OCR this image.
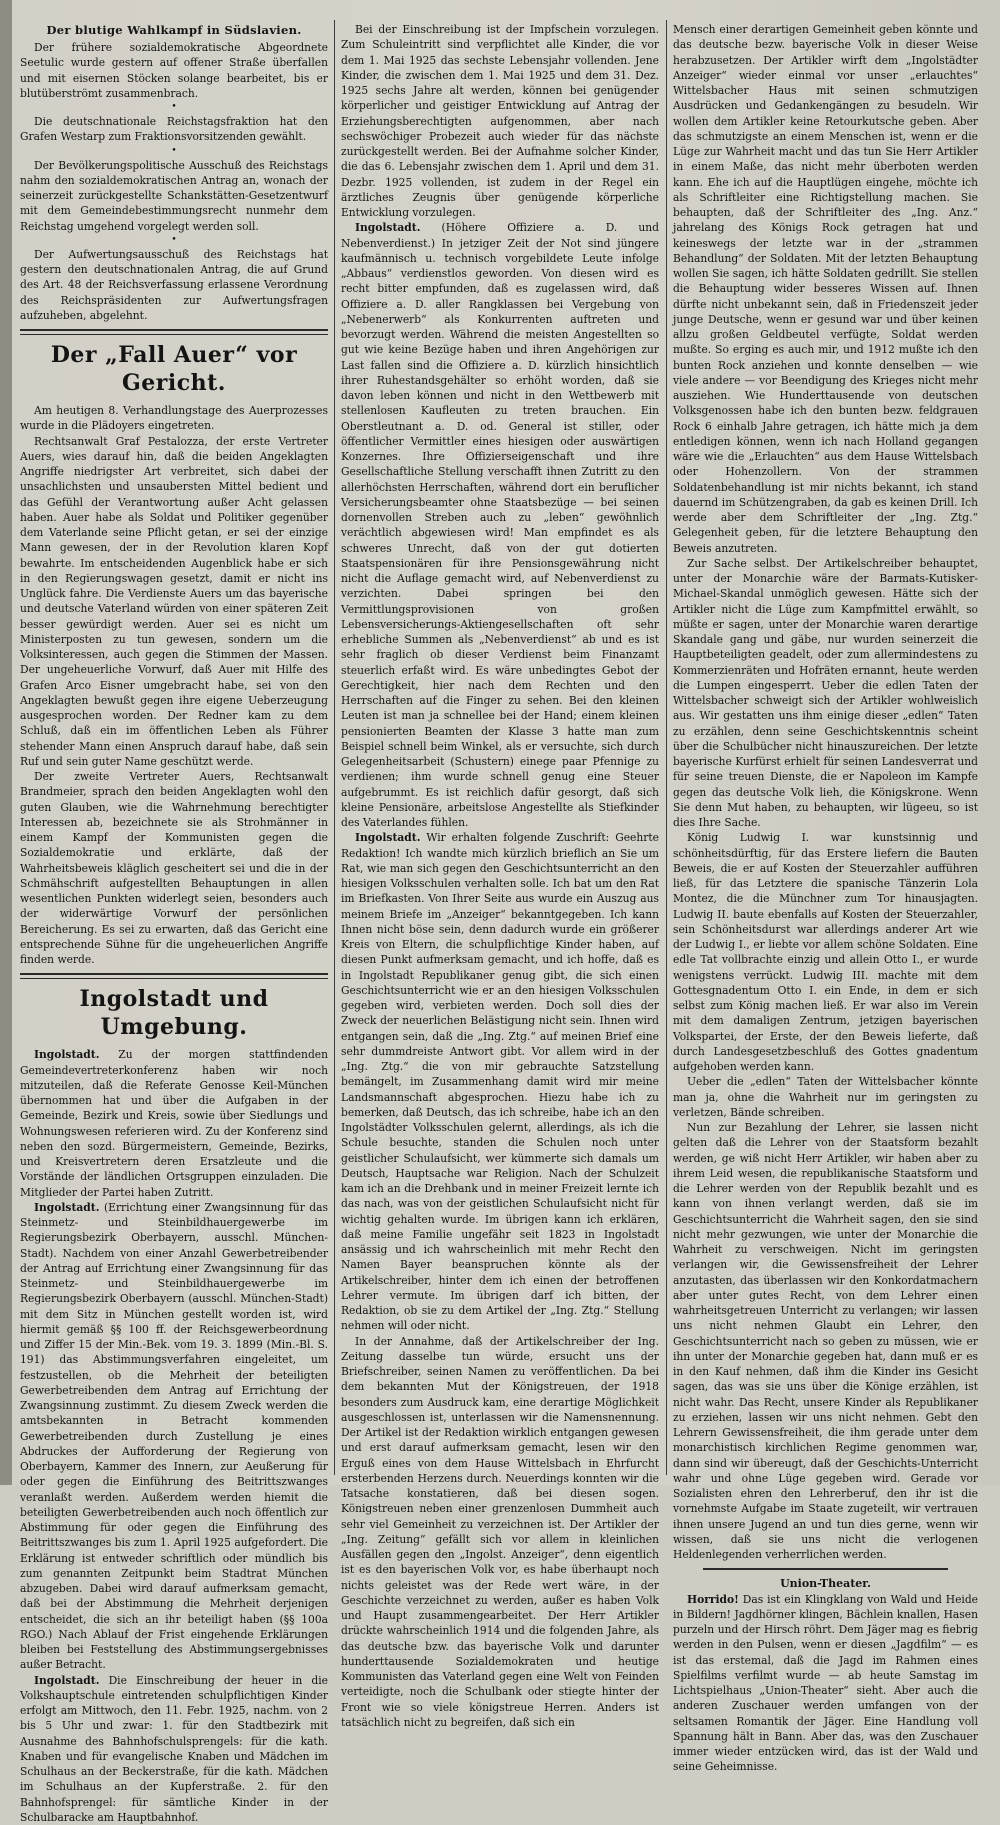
Der blutige Wahlkampf in Südslavien.

Der frühere sozialdemokratische Abgeordnete Seetulic wurde gestern auf offener Straße überfallen und mit eisernen Stöcken solange bearbeitet, bis er blutüberströmt zusammenbrach.

•

Die deutschnationale Reichstagsfraktion hat den Grafen Westarp zum Fraktionsvorsitzenden gewählt.

•

Der Bevölkerungspolitische Ausschuß des Reichstags nahm den sozialdemokratischen Antrag an, wonach der seinerzeit zurückgestellte Schankstätten-Gesetzentwurf mit dem Gemeindebestimmungsrecht nunmehr dem Reichstag umgehend vorgelegt werden soll.

•

Der Aufwertungsausschuß des Reichstags hat gestern den deutschnationalen Antrag, die auf Grund des Art. 48 der Reichsverfassung erlassene Verordnung des Reichspräsidenten zur Aufwertungsfragen aufzuheben, abgelehnt.

Der „Fall Auer“ vor Gericht.

Am heutigen 8. Verhandlungstage des Auerprozesses wurde in die Plädoyers eingetreten.

Rechtsanwalt Graf Pestalozza, der erste Vertreter Auers, wies darauf hin, daß die beiden Angeklagten Angriffe niedrigster Art verbreitet, sich dabei der unsachlichsten und unsaubersten Mittel bedient und das Gefühl der Verantwortung außer Acht gelassen haben. Auer habe als Soldat und Politiker gegenüber dem Vaterlande seine Pflicht getan, er sei der einzige Mann gewesen, der in der Revolution klaren Kopf bewahrte. Im entscheidenden Augenblick habe er sich in den Regierungswagen gesetzt, damit er nicht ins Unglück fahre. Die Verdienste Auers um das bayerische und deutsche Vaterland würden von einer späteren Zeit besser gewürdigt werden. Auer sei es nicht um Ministerposten zu tun gewesen, sondern um die Volksinteressen, auch gegen die Stimmen der Massen. Der ungeheuerliche Vorwurf, daß Auer mit Hilfe des Grafen Arco Eisner umgebracht habe, sei von den Angeklagten bewußt gegen ihre eigene Ueberzeugung ausgesprochen worden. Der Redner kam zu dem Schluß, daß ein im öffentlichen Leben als Führer stehender Mann einen Anspruch darauf habe, daß sein Ruf und sein guter Name geschützt werde.

Der zweite Vertreter Auers, Rechtsanwalt Brandmeier, sprach den beiden Angeklagten wohl den guten Glauben, wie die Wahrnehmung berechtigter Interessen ab, bezeichnete sie als Strohmänner in einem Kampf der Kommunisten gegen die Sozialdemokratie und erklärte, daß der Wahrheitsbeweis kläglich gescheitert sei und die in der Schmähschrift aufgestellten Behauptungen in allen wesentlichen Punkten widerlegt seien, besonders auch der widerwärtige Vorwurf der persönlichen Bereicherung. Es sei zu erwarten, daß das Gericht eine entsprechende Sühne für die ungeheuerlichen Angriffe finden werde.

Ingolstadt und Umgebung.

Ingolstadt. Zu der morgen stattfindenden Gemeindevertreterkonferenz haben wir noch mitzuteilen, daß die Referate Genosse Keil-München übernommen hat und über die Aufgaben in der Gemeinde, Bezirk und Kreis, sowie über Siedlungs und Wohnungswesen referieren wird. Zu der Konferenz sind neben den sozd. Bürgermeistern, Gemeinde, Bezirks, und Kreisvertretern deren Ersatzleute und die Vorstände der ländlichen Ortsgruppen einzuladen. Die Mitglieder der Partei haben Zutritt.

Ingolstadt. (Errichtung einer Zwangsinnung für das Steinmetz- und Steinbildhauergewerbe im Regierungsbezirk Oberbayern, ausschl. München-Stadt). Nachdem von einer Anzahl Gewerbetreibender der Antrag auf Errichtung einer Zwangsinnung für das Steinmetz- und Steinbildhauergewerbe im Regierungsbezirk Oberbayern (ausschl. München-Stadt) mit dem Sitz in München gestellt worden ist, wird hiermit gemäß §§ 100 ff. der Reichsgewerbeordnung und Ziffer 15 der Min.-Bek. vom 19. 3. 1899 (Min.-Bl. S. 191) das Abstimmungsverfahren eingeleitet, um festzustellen, ob die Mehrheit der beteiligten Gewerbetreibenden dem Antrag auf Errichtung der Zwangsinnung zustimmt. Zu diesem Zweck werden die amtsbekannten in Betracht kommenden Gewerbetreibenden durch Zustellung je eines Abdruckes der Aufforderung der Regierung von Oberbayern, Kammer des Innern, zur Aeußerung für oder gegen die Einführung des Beitrittszwanges veranlaßt werden. Außerdem werden hiemit die beteiligten Gewerbetreibenden auch noch öffentlich zur Abstimmung für oder gegen die Einführung des Beitrittszwanges bis zum 1. April 1925 aufgefordert. Die Erklärung ist entweder schriftlich oder mündlich bis zum genannten Zeitpunkt beim Stadtrat München abzugeben. Dabei wird darauf aufmerksam gemacht, daß bei der Abstimmung die Mehrheit derjenigen entscheidet, die sich an ihr beteiligt haben (§§ 100a RGO.) Nach Ablauf der Frist eingehende Erklärungen bleiben bei Feststellung des Abstimmungsergebnisses außer Betracht.

Ingolstadt. Die Einschreibung der heuer in die Volkshauptschule eintretenden schulpflichtigen Kinder erfolgt am Mittwoch, den 11. Febr. 1925, nachm. von 2 bis 5 Uhr und zwar: 1. für den Stadtbezirk mit Ausnahme des Bahnhofschulsprengels: für die kath. Knaben und für evangelische Knaben und Mädchen im Schulhaus an der Beckerstraße, für die kath. Mädchen im Schulhaus an der Kupferstraße. 2. für den Bahnhofsprengel: für sämtliche Kinder in der Schulbaracke am Hauptbahnhof.

Bei der Einschreibung ist der Impfschein vorzulegen. Zum Schuleintritt sind verpflichtet alle Kinder, die vor dem 1. Mai 1925 das sechste Lebensjahr vollenden. Jene Kinder, die zwischen dem 1. Mai 1925 und dem 31. Dez. 1925 sechs Jahre alt werden, können bei genügender körperlicher und geistiger Entwicklung auf Antrag der Erziehungsberechtigten aufgenommen, aber nach sechswöchiger Probezeit auch wieder für das nächste zurückgestellt werden. Bei der Aufnahme solcher Kinder, die das 6. Lebensjahr zwischen dem 1. April und dem 31. Dezbr. 1925 vollenden, ist zudem in der Regel ein ärztliches Zeugnis über genügende körperliche Entwicklung vorzulegen.

Ingolstadt. (Höhere Offiziere a. D. und Nebenverdienst.) In jetziger Zeit der Not sind jüngere kaufmännisch u. technisch vorgebildete Leute infolge „Abbaus“ verdienstlos geworden. Von diesen wird es recht bitter empfunden, daß es zugelassen wird, daß Offiziere a. D. aller Rangklassen bei Vergebung von „Nebenerwerb“ als Konkurrenten auftreten und bevorzugt werden. Während die meisten Angestellten so gut wie keine Bezüge haben und ihren Angehörigen zur Last fallen sind die Offiziere a. D. kürzlich hinsichtlich ihrer Ruhestandsgehälter so erhöht worden, daß sie davon leben können und nicht in den Wettbewerb mit stellenlosen Kaufleuten zu treten brauchen. Ein Oberstleutnant a. D. od. General ist stiller, oder öffentlicher Vermittler eines hiesigen oder auswärtigen Konzernes. Ihre Offizierseigenschaft und ihre Gesellschaftliche Stellung verschafft ihnen Zutritt zu den allerhöchsten Herrschaften, während dort ein beruflicher Versicherungsbeamter ohne Staatsbezüge — bei seinen dornenvollen Streben auch zu „leben“ gewöhnlich verächtlich abgewiesen wird! Man empfindet es als schweres Unrecht, daß von der gut dotierten Staatspensionären für ihre Pensionsgewährung nicht nicht die Auflage gemacht wird, auf Nebenverdienst zu verzichten. Dabei springen bei den Vermittlungsprovisionen von großen Lebensversicherungs-Aktiengesellschaften oft sehr erhebliche Summen als „Nebenverdienst“ ab und es ist sehr fraglich ob dieser Verdienst beim Finanzamt steuerlich erfaßt wird. Es wäre unbedingtes Gebot der Gerechtigkeit, hier nach dem Rechten und den Herrschaften auf die Finger zu sehen. Bei den kleinen Leuten ist man ja schnellee bei der Hand; einem kleinen pensionierten Beamten der Klasse 3 hatte man zum Beispiel schnell beim Winkel, als er versuchte, sich durch Gelegenheitsarbeit (Schustern) einege paar Pfennige zu verdienen; ihm wurde schnell genug eine Steuer aufgebrummt. Es ist reichlich dafür gesorgt, daß sich kleine Pensionäre, arbeitslose Angestellte als Stiefkinder des Vaterlandes fühlen.

Ingolstadt. Wir erhalten folgende Zuschrift: Geehrte Redaktion! Ich wandte mich kürzlich brieflich an Sie um Rat, wie man sich gegen den Geschichtsunterricht an den hiesigen Volksschulen verhalten solle. Ich bat um den Rat im Briefkasten. Von Ihrer Seite aus wurde ein Auszug aus meinem Briefe im „Anzeiger“ bekanntgegeben. Ich kann Ihnen nicht böse sein, denn dadurch wurde ein größerer Kreis von Eltern, die schulpflichtige Kinder haben, auf diesen Punkt aufmerksam gemacht, und ich hoffe, daß es in Ingolstadt Republikaner genug gibt, die sich einen Geschichtsunterricht wie er an den hiesigen Volksschulen gegeben wird, verbieten werden. Doch soll dies der Zweck der neuerlichen Belästigung nicht sein. Ihnen wird entgangen sein, daß die „Ing. Ztg.“ auf meinen Brief eine sehr dummdreiste Antwort gibt. Vor allem wird in der „Ing. Ztg.“ die von mir gebrauchte Satzstellung bemängelt, im Zusammenhang damit wird mir meine Landsmannschaft abgesprochen. Hiezu habe ich zu bemerken, daß Deutsch, das ich schreibe, habe ich an den Ingolstädter Volksschulen gelernt, allerdings, als ich die Schule besuchte, standen die Schulen noch unter geistlicher Schulaufsicht, wer kümmerte sich damals um Deutsch, Hauptsache war Religion. Nach der Schulzeit kam ich an die Drehbank und in meiner Freizeit lernte ich das nach, was von der geistlichen Schulaufsicht nicht für wichtig gehalten wurde. Im übrigen kann ich erklären, daß meine Familie ungefähr seit 1823 in Ingolstadt ansässig und ich wahrscheinlich mit mehr Recht den Namen Bayer beanspruchen könnte als der Artikelschreiber, hinter dem ich einen der betroffenen Lehrer vermute. Im übrigen darf ich bitten, der Redaktion, ob sie zu dem Artikel der „Ing. Ztg.“ Stellung nehmen will oder nicht.

In der Annahme, daß der Artikelschreiber der Ing. Zeitung dasselbe tun würde, ersucht uns der Briefschreiber, seinen Namen zu veröffentlichen. Da bei dem bekannten Mut der Königstreuen, der 1918 besonders zum Ausdruck kam, eine derartige Möglichkeit ausgeschlossen ist, unterlassen wir die Namensnennung. Der Artikel ist der Redaktion wirklich entgangen gewesen und erst darauf aufmerksam gemacht, lesen wir den Erguß eines von dem Hause Wittelsbach in Ehrfurcht ersterbenden Herzens durch. Neuerdings konnten wir die Tatsache konstatieren, daß bei diesen sogen. Königstreuen neben einer grenzenlosen Dummheit auch sehr viel Gemeinheit zu verzeichnen ist. Der Artikler der „Ing. Zeitung“ gefällt sich vor allem in kleinlichen Ausfällen gegen den „Ingolst. Anzeiger“, denn eigentlich ist es den bayerischen Volk vor, es habe überhaupt noch nichts geleistet was der Rede wert wäre, in der Geschichte verzeichnet zu werden, außer es haben Volk und Haupt zusammengearbeitet. Der Herr Artikler drückte wahrscheinlich 1914 und die folgenden Jahre, als das deutsche bzw. das bayerische Volk und darunter hunderttausende Sozialdemokraten und heutige Kommunisten das Vaterland gegen eine Welt von Feinden verteidigte, noch die Schulbank oder stiegte hinter der Front wie so viele königstreue Herren. Anders ist tatsächlich nicht zu begreifen, daß sich ein

Mensch einer derartigen Gemeinheit geben könnte und das deutsche bezw. bayerische Volk in dieser Weise herabzusetzen. Der Artikler wirft dem „Ingolstädter Anzeiger“ wieder einmal vor unser „erlauchtes“ Wittelsbacher Haus mit seinen schmutzigen Ausdrücken und Gedankengängen zu besudeln. Wir wollen dem Artikler keine Retourkutsche geben. Aber das schmutzigste an einem Menschen ist, wenn er die Lüge zur Wahrheit macht und das tun Sie Herr Artikler in einem Maße, das nicht mehr überboten werden kann. Ehe ich auf die Hauptlügen eingehe, möchte ich als Schriftleiter eine Richtigstellung machen. Sie behaupten, daß der Schriftleiter des „Ing. Anz.“ jahrelang des Königs Rock getragen hat und keineswegs der letzte war in der „strammen Behandlung“ der Soldaten. Mit der letzten Behauptung wollen Sie sagen, ich hätte Soldaten gedrillt. Sie stellen die Behauptung wider besseres Wissen auf. Ihnen dürfte nicht unbekannt sein, daß in Friedenszeit jeder junge Deutsche, wenn er gesund war und über keinen allzu großen Geldbeutel verfügte, Soldat werden mußte. So erging es auch mir, und 1912 mußte ich den bunten Rock anziehen und konnte denselben — wie viele andere — vor Beendigung des Krieges nicht mehr ausziehen. Wie Hunderttausende von deutschen Volksgenossen habe ich den bunten bezw. feldgrauen Rock 6 einhalb Jahre getragen, ich hätte mich ja dem entledigen können, wenn ich nach Holland gegangen wäre wie die „Erlauchten“ aus dem Hause Wittelsbach oder Hohenzollern. Von der strammen Soldatenbehandlung ist mir nichts bekannt, ich stand dauernd im Schützengraben, da gab es keinen Drill. Ich werde aber dem Schriftleiter der „Ing. Ztg.“ Gelegenheit geben, für die letztere Behauptung den Beweis anzutreten.

Zur Sache selbst. Der Artikelschreiber behauptet, unter der Monarchie wäre der Barmats-Kutisker-Michael-Skandal unmöglich gewesen. Hätte sich der Artikler nicht die Lüge zum Kampfmittel erwählt, so müßte er sagen, unter der Monarchie waren derartige Skandale gang und gäbe, nur wurden seinerzeit die Hauptbeteiligten geadelt, oder zum allermindestens zu Kommerzienräten und Hofräten ernannt, heute werden die Lumpen eingesperrt. Ueber die edlen Taten der Wittelsbacher schweigt sich der Artikler wohlweislich aus. Wir gestatten uns ihm einige dieser „edlen“ Taten zu erzählen, denn seine Geschichtskenntnis scheint über die Schulbücher nicht hinauszureichen. Der letzte bayerische Kurfürst erhielt für seinen Landesverrat und für seine treuen Dienste, die er Napoleon im Kampfe gegen das deutsche Volk lieh, die Königskrone. Wenn Sie denn Mut haben, zu behaupten, wir lügeeu, so ist dies Ihre Sache.

König Ludwig I. war kunstsinnig und schönheitsdürftig, für das Erstere liefern die Bauten Beweis, die er auf Kosten der Steuerzahler aufführen ließ, für das Letztere die spanische Tänzerin Lola Montez, die die Münchner zum Tor hinausjagten. Ludwig II. baute ebenfalls auf Kosten der Steuerzahler, sein Schönheitsdurst war allerdings anderer Art wie der Ludwig I., er liebte vor allem schöne Soldaten. Eine edle Tat vollbrachte einzig und allein Otto I., er wurde wenigstens verrückt. Ludwig III. machte mit dem Gottesgnadentum Otto I. ein Ende, in dem er sich selbst zum König machen ließ. Er war also im Verein mit dem damaligen Zentrum, jetzigen bayerischen Volkspartei, der Erste, der den Beweis lieferte, daß durch Landesgesetzbeschluß des Gottes gnadentum aufgehoben werden kann.

Ueber die „edlen“ Taten der Wittelsbacher könnte man ja, ohne die Wahrheit nur im geringsten zu verletzen, Bände schreiben.

Nun zur Bezahlung der Lehrer, sie lassen nicht gelten daß die Lehrer von der Staatsform bezahlt werden, ge wiß nicht Herr Artikler, wir haben aber zu ihrem Leid wesen, die republikanische Staatsform und die Lehrer werden von der Republik bezahlt und es kann von ihnen verlangt werden, daß sie im Geschichtsunterricht die Wahrheit sagen, den sie sind nicht mehr gezwungen, wie unter der Monarchie die Wahrheit zu verschweigen. Nicht im geringsten verlangen wir, die Gewissensfreiheit der Lehrer anzutasten, das überlassen wir den Konkordatmachern aber unter gutes Recht, von dem Lehrer einen wahrheitsgetreuen Unterricht zu verlangen; wir lassen uns nicht nehmen Glaubt ein Lehrer, den Geschichtsunterricht nach so geben zu müssen, wie er ihn unter der Monarchie gegeben hat, dann muß er es in den Kauf nehmen, daß ihm die Kinder ins Gesicht sagen, das was sie uns über die Könige erzählen, ist nicht wahr. Das Recht, unsere Kinder als Republikaner zu erziehen, lassen wir uns nicht nehmen. Gebt den Lehrern Gewissensfreiheit, die ihm gerade unter dem monarchistisch kirchlichen Regime genommen war, dann sind wir übereugt, daß der Geschichts-Unterricht wahr und ohne Lüge gegeben wird. Gerade vor Sozialisten ehren den Lehrerberuf, den ihr ist die vornehmste Aufgabe im Staate zugeteilt, wir vertrauen ihnen unsere Jugend an und tun dies gerne, wenn wir wissen, daß sie uns nicht die verlogenen Heldenlegenden verherrlichen werden.

Union-Theater.

Horrido! Das ist ein Klingklang von Wald und Heide in Bildern! Jagdhörner klingen, Bächlein knallen, Hasen purzeln und der Hirsch röhrt. Dem Jäger mag es fiebrig werden in den Pulsen, wenn er diesen „Jagdfilm“ — es ist das erstemal, daß die Jagd im Rahmen eines Spielfilms verfilmt wurde — ab heute Samstag im Lichtspielhaus „Union-Theater“ sieht. Aber auch die anderen Zuschauer werden umfangen von der seltsamen Romantik der Jäger. Eine Handlung voll Spannung hält in Bann. Aber das, was den Zuschauer immer wieder entzücken wird, das ist der Wald und seine Geheimnisse.
